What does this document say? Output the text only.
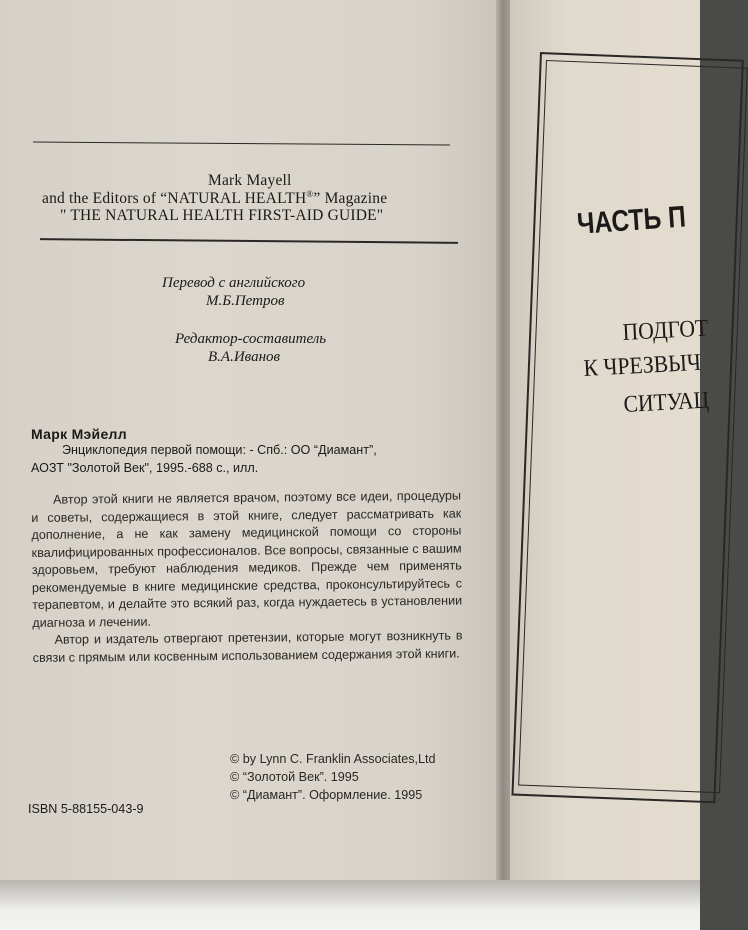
Mark Mayell
and the Editors of “NATURAL HEALTH®” Magazine
" THE NATURAL HEALTH FIRST-AID GUIDE"
Перевод с английского
М.Б.Петров
Редактор-составитель
В.А.Иванов
Марк Мэйелл
Энциклопедия первой помощи: - Спб.: ОО “Диамант”,
АОЗТ "Золотой Век", 1995.-688 с., илл.

Автор этой книги не является врачом, поэтому все идеи, процедуры и советы, содержащиеся в этой книге, следует рассматривать как дополнение, а не как замену медицинской помощи со стороны квалифицированных профессионалов. Все вопросы, связанные с вашим здоровьем, требуют наблюдения медиков. Прежде чем применять рекомендуемые в книге медицинские средства, проконсультируйтесь с терапевтом, и делайте это всякий раз, когда нуждаетесь в установлении диагноза и лечении.

Автор и издатель отвергают претензии, которые могут возникнуть в связи с прямым или косвенным использованием содержания этой книги.

© by Lynn C. Franklin Associates,Ltd
© “Золотой Век”. 1995
© “Диамант”. Оформление. 1995
ISBN 5-88155-043-9
ЧАСТЬ П
ПОДГОТ
К ЧРЕЗВЫЧ
СИТУАЦ
